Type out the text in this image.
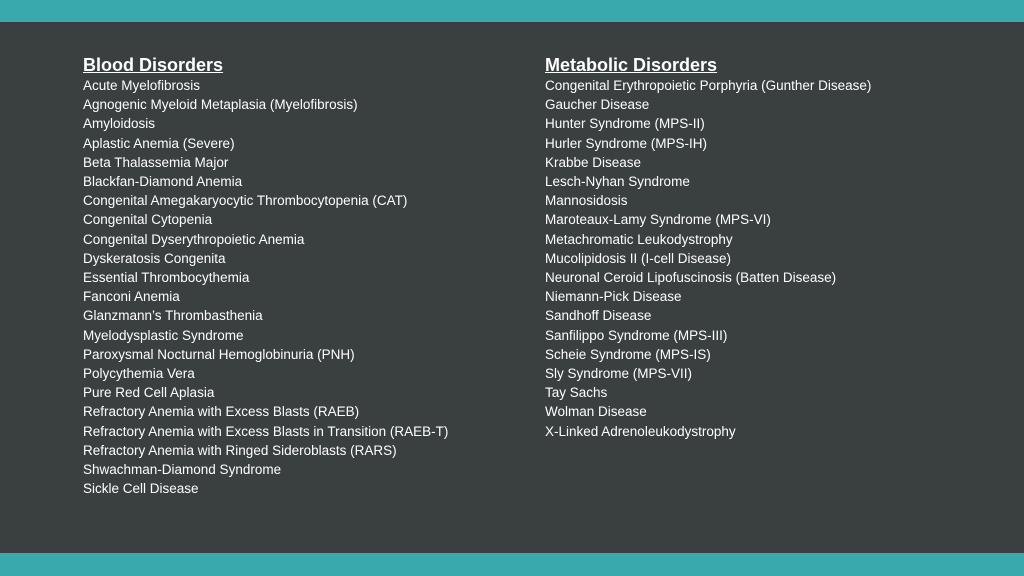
Blood Disorders
Acute Myelofibrosis
Agnogenic Myeloid Metaplasia (Myelofibrosis)
Amyloidosis
Aplastic Anemia (Severe)
Beta Thalassemia Major
Blackfan-Diamond Anemia
Congenital Amegakaryocytic Thrombocytopenia (CAT)
Congenital Cytopenia
Congenital Dyserythropoietic Anemia
Dyskeratosis Congenita
Essential Thrombocythemia
Fanconi Anemia
Glanzmann’s Thrombasthenia
Myelodysplastic Syndrome
Paroxysmal Nocturnal Hemoglobinuria (PNH)
Polycythemia Vera
Pure Red Cell Aplasia
Refractory Anemia with Excess Blasts (RAEB)
Refractory Anemia with Excess Blasts in Transition (RAEB-T)
Refractory Anemia with Ringed Sideroblasts (RARS)
Shwachman-Diamond Syndrome
Sickle Cell Disease
Metabolic Disorders
Congenital Erythropoietic Porphyria (Gunther Disease)
Gaucher Disease
Hunter Syndrome (MPS-II)
Hurler Syndrome (MPS-IH)
Krabbe Disease
Lesch-Nyhan Syndrome
Mannosidosis
Maroteaux-Lamy Syndrome (MPS-VI)
Metachromatic Leukodystrophy
Mucolipidosis II (I-cell Disease)
Neuronal Ceroid Lipofuscinosis (Batten Disease)
Niemann-Pick Disease
Sandhoff Disease
Sanfilippo Syndrome (MPS-III)
Scheie Syndrome (MPS-IS)
Sly Syndrome (MPS-VII)
Tay Sachs
Wolman Disease
X-Linked Adrenoleukodystrophy
